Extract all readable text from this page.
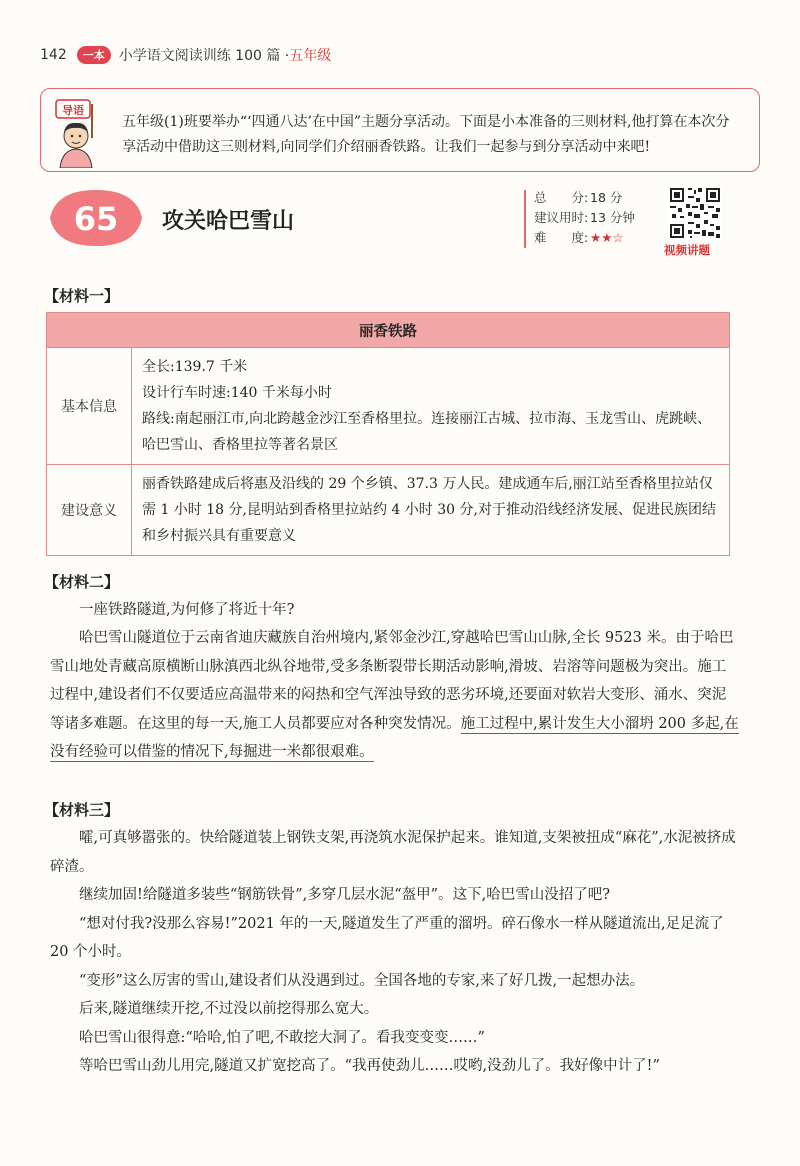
142	一本	小学语文阅读训练 100 篇 · 五年级
导语
五年级(1)班要举办“‘四通八达’在中国”主题分享活动。下面是小本准备的三则材料,他打算在本次分享活动中借助这三则材料,向同学们介绍丽香铁路。让我们一起参与到分享活动中来吧!
65 攻关哈巴雪山
总　　分: 18 分
建议用时: 13 分钟
难　　度: ★★☆
视频讲题
【材料一】
丽香铁路	
基本信息	全长:139.7 千米
设计行车时速:140 千米每小时
路线:南起丽江市,向北跨越金沙江至香格里拉。连接丽江古城、拉市海、玉龙雪山、虎跳峡、哈巴雪山、香格里拉等著名景区

建设意义	丽香铁路建成后将惠及沿线的 29 个乡镇、37.3 万人民。建成通车后,丽江站至香格里拉站仅需 1 小时 18 分,昆明站到香格里拉站约 4 小时 30 分,对于推动沿线经济发展、促进民族团结和乡村振兴具有重要意义
【材料二】
一座铁路隧道,为何修了将近十年?
哈巴雪山隧道位于云南省迪庆藏族自治州境内,紧邻金沙江,穿越哈巴雪山山脉,全长 9523 米。由于哈巴雪山地处青藏高原横断山脉滇西北纵谷地带,受多条断裂带长期活动影响,滑坡、岩溶等问题极为突出。施工过程中,建设者们不仅要适应高温带来的闷热和空气浑浊导致的恶劣环境,还要面对软岩大变形、涌水、突泥等诸多难题。在这里的每一天,施工人员都要应对各种突发情况。施工过程中,累计发生大小溜坍 200 多起,在没有经验可以借鉴的情况下,每掘进一米都很艰难。
【材料三】
嚯,可真够嚣张的。快给隧道装上钢铁支架,再浇筑水泥保护起来。谁知道,支架被扭成“麻花”,水泥被挤成碎渣。
继续加固!给隧道多装些“钢筋铁骨”,多穿几层水泥“盔甲”。这下,哈巴雪山没招了吧?
“想对付我?没那么容易!”2021 年的一天,隧道发生了严重的溜坍。碎石像水一样从隧道流出,足足流了 20 个小时。
“变形”这么厉害的雪山,建设者们从没遇到过。全国各地的专家,来了好几拨,一起想办法。
后来,隧道继续开挖,不过没以前挖得那么宽大。
哈巴雪山很得意:“哈哈,怕了吧,不敢挖大洞了。看我变变变……”
等哈巴雪山劲儿用完,隧道又扩宽挖高了。“我再使劲儿……哎哟,没劲儿了。我好像中计了!”
